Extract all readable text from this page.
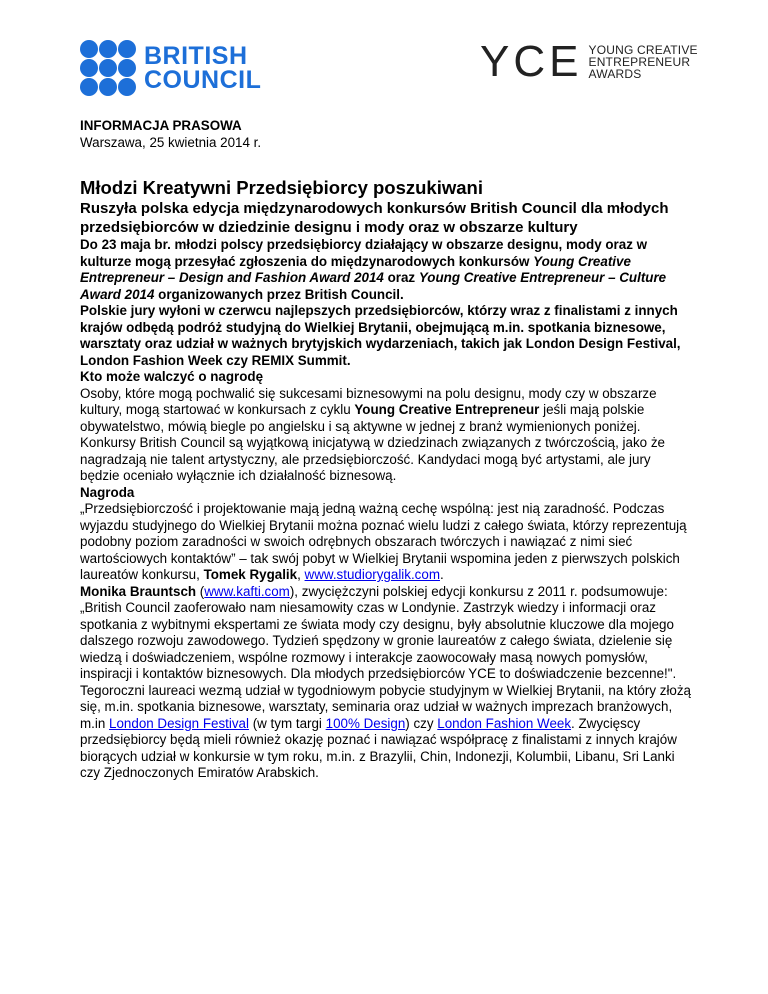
BRITISH
COUNCIL	YCE YOUNG CREATIVE
ENTREPRENEUR
AWARDS

INFORMACJA PRASOWA

Warszawa, 25 kwietnia 2014 r.

Młodzi Kreatywni Przedsiębiorcy poszukiwani

Ruszyła polska edycja międzynarodowych konkursów British Council dla młodych przedsiębiorców w dziedzinie designu i mody oraz w obszarze kultury

Do 23 maja br. młodzi polscy przedsiębiorcy działający w obszarze designu, mody oraz w kulturze mogą przesyłać zgłoszenia do międzynarodowych konkursów Young Creative Entrepreneur – Design and Fashion Award 2014 oraz Young Creative Entrepreneur – Culture Award 2014 organizowanych przez British Council.

Polskie jury wyłoni w czerwcu najlepszych przedsiębiorców, którzy wraz z finalistami z innych krajów odbędą podróż studyjną do Wielkiej Brytanii, obejmującą m.in. spotkania biznesowe, warsztaty oraz udział w ważnych brytyjskich wydarzeniach, takich jak London Design Festival, London Fashion Week czy REMIX Summit.

Kto może walczyć o nagrodę

Osoby, które mogą pochwalić się sukcesami biznesowymi na polu designu, mody czy w obszarze kultury, mogą startować w konkursach z cyklu Young Creative Entrepreneur jeśli mają polskie obywatelstwo, mówią biegle po angielsku i są aktywne w jednej z branż wymienionych poniżej.

Konkursy British Council są wyjątkową inicjatywą w dziedzinach związanych z twórczością, jako że nagradzają nie talent artystyczny, ale przedsiębiorczość. Kandydaci mogą być artystami, ale jury będzie oceniało wyłącznie ich działalność biznesową.

Nagroda

„Przedsiębiorczość i projektowanie mają jedną ważną cechę wspólną: jest nią zaradność. Podczas wyjazdu studyjnego do Wielkiej Brytanii można poznać wielu ludzi z całego świata, którzy reprezentują podobny poziom zaradności w swoich odrębnych obszarach twórczych i nawiązać z nimi sieć wartościowych kontaktów” – tak swój pobyt w Wielkiej Brytanii wspomina jeden z pierwszych polskich laureatów konkursu, Tomek Rygalik, www.studiorygalik.com.

Monika Brauntsch (www.kafti.com), zwyciężczyni polskiej edycji konkursu z 2011 r. podsumowuje: „British Council zaoferowało nam niesamowity czas w Londynie. Zastrzyk wiedzy i informacji oraz spotkania z wybitnymi ekspertami ze świata mody czy designu, były absolutnie kluczowe dla mojego dalszego rozwoju zawodowego. Tydzień spędzony w gronie laureatów z całego świata, dzielenie się wiedzą i doświadczeniem, wspólne rozmowy i interakcje zaowocowały masą nowych pomysłów, inspiracji i kontaktów biznesowych. Dla młodych przedsiębiorców YCE to doświadczenie bezcenne!".

Tegoroczni laureaci wezmą udział w tygodniowym pobycie studyjnym w Wielkiej Brytanii, na który złożą się, m.in. spotkania biznesowe, warsztaty, seminaria oraz udział w ważnych imprezach branżowych, m.in London Design Festival (w tym targi 100% Design) czy London Fashion Week. Zwycięscy przedsiębiorcy będą mieli również okazję poznać i nawiązać współpracę z finalistami z innych krajów biorących udział w konkursie w tym roku, m.in. z Brazylii, Chin, Indonezji, Kolumbii, Libanu, Sri Lanki czy Zjednoczonych Emiratów Arabskich.
